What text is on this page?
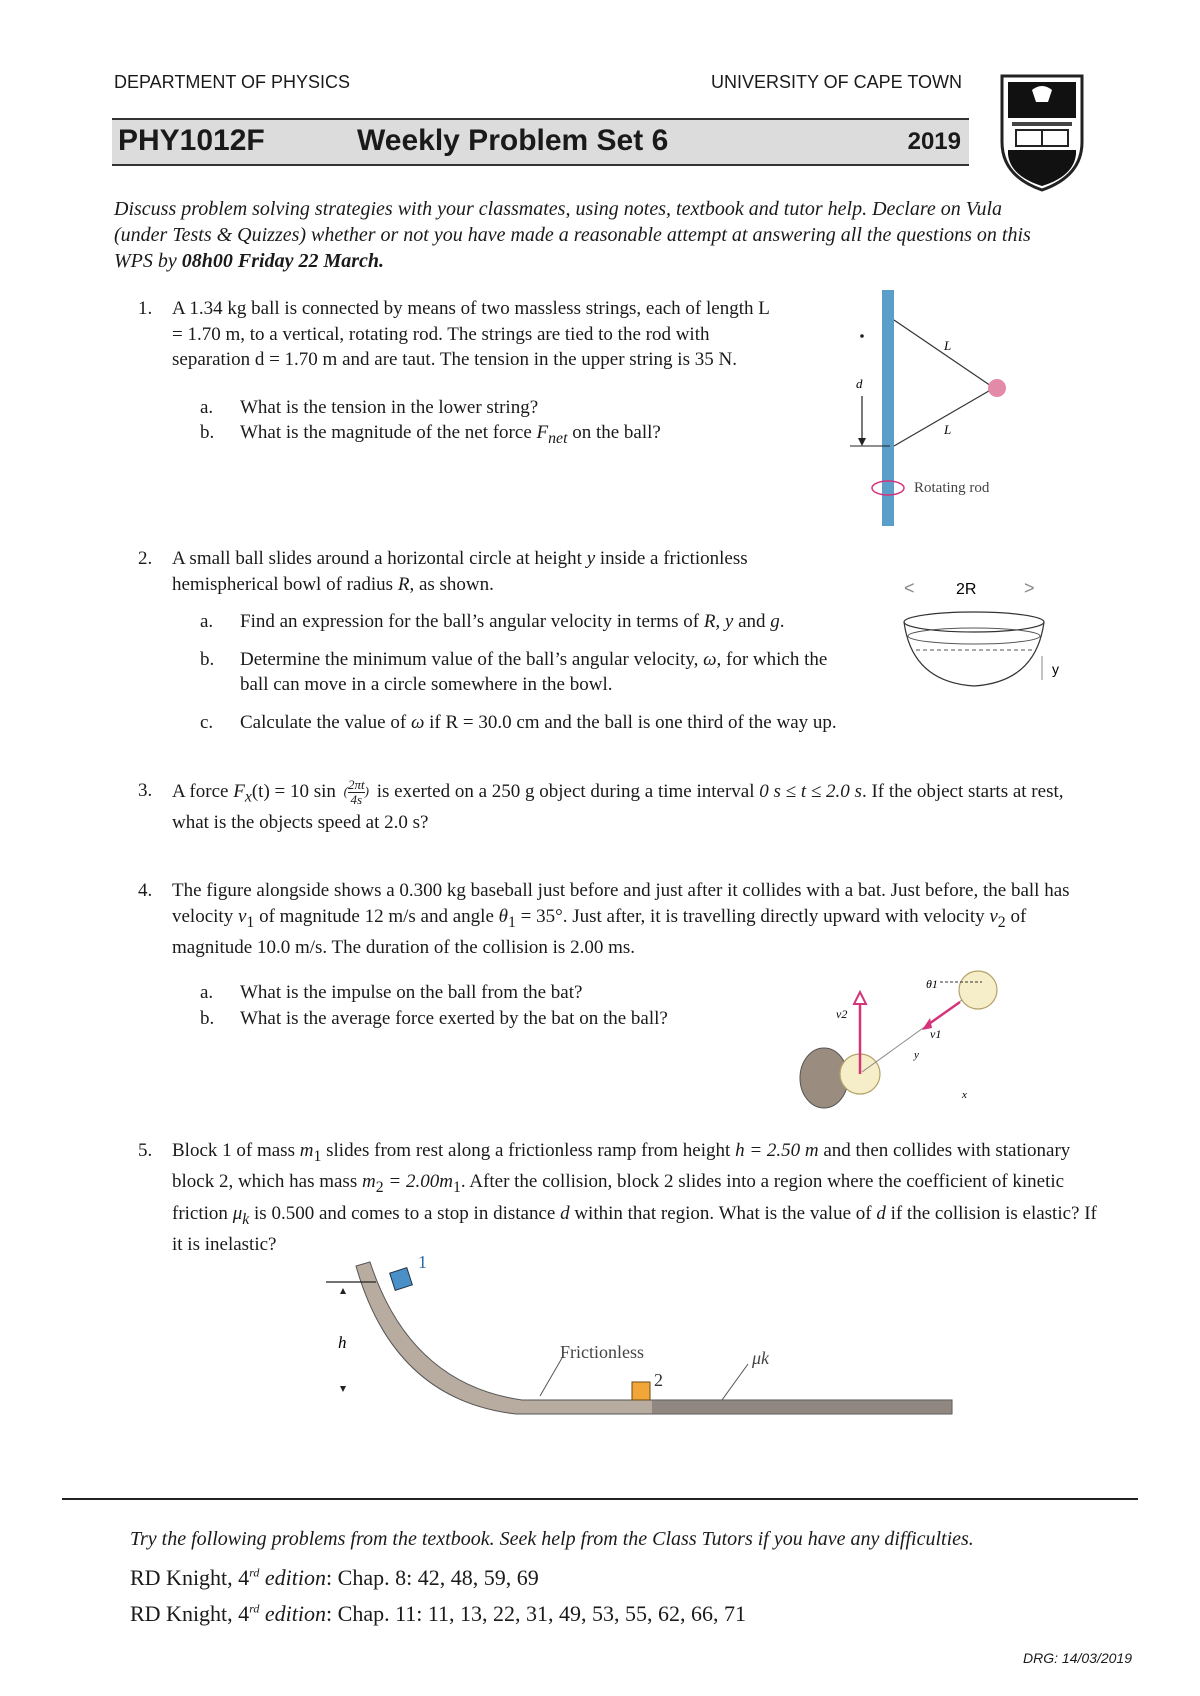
DEPARTMENT OF PHYSICS	UNIVERSITY OF CAPE TOWN
PHY1012F	Weekly Problem Set 6	2019
Discuss problem solving strategies with your classmates, using notes, textbook and tutor help. Declare on Vula (under Tests & Quizzes) whether or not you have made a reasonable attempt at answering all the questions on this WPS by 08h00 Friday 22 March.
1. A 1.34 kg ball is connected by means of two massless strings, each of length L = 1.70 m, to a vertical, rotating rod. The strings are tied to the rod with separation d = 1.70 m and are taut. The tension in the upper string is 35 N.
a. What is the tension in the lower string?
b. What is the magnitude of the net force $F_{net}$ on the ball?
L
L
d
Rotating rod
2. A small ball slides around a horizontal circle at height y inside a frictionless hemispherical bowl of radius R, as shown.
a. Find an expression for the ball’s angular velocity in terms of R, y and g.
b. Determine the minimum value of the ball’s angular velocity, ω, for which the ball can move in a circle somewhere in the bowl.
c. Calculate the value of ω if R = 30.0 cm and the ball is one third of the way up.
<	>
2R
y
3. A force $F_x(t) = 10$ sin ( $\frac{2\pi t}{4s}$ ) is exerted on a 250 g object during a time interval 0 s ≤ t ≤ 2.0 s. If the object starts at rest, what is the objects speed at 2.0 s?
4. The figure alongside shows a 0.300 kg baseball just before and just after it collides with a bat. Just before, the ball has velocity $v_1$ of magnitude 12 m/s and angle $\theta_1 = 35^\circ$. Just after, it is travelling directly upward with velocity $v_2$ of magnitude 10.0 m/s. The duration of the collision is 2.00 ms.
a. What is the impulse on the ball from the bat?
b. What is the average force exerted by the bat on the ball?	v2
v1
θ1
y
x
5. Block 1 of mass $m_1$ slides from rest along a frictionless ramp from height h = 2.50 m and then collides with stationary block 2, which has mass $m_2 = 2.00m_1$. After the collision, block 2 slides into a region where the coefficient of kinetic friction $\mu_k$ is 0.500 and comes to a stop in distance d within that region. What is the value of d if the collision is elastic? If it is inelastic?
1
2
h	Frictionless	μk
Try the following problems from the textbook. Seek help from the Class Tutors if you have any difficulties.
RD Knight, 4rd edition: Chap. 8: 42, 48, 59, 69
RD Knight, 4rd edition: Chap. 11: 11, 13, 22, 31, 49, 53, 55, 62, 66, 71
DRG: 14/03/2019
